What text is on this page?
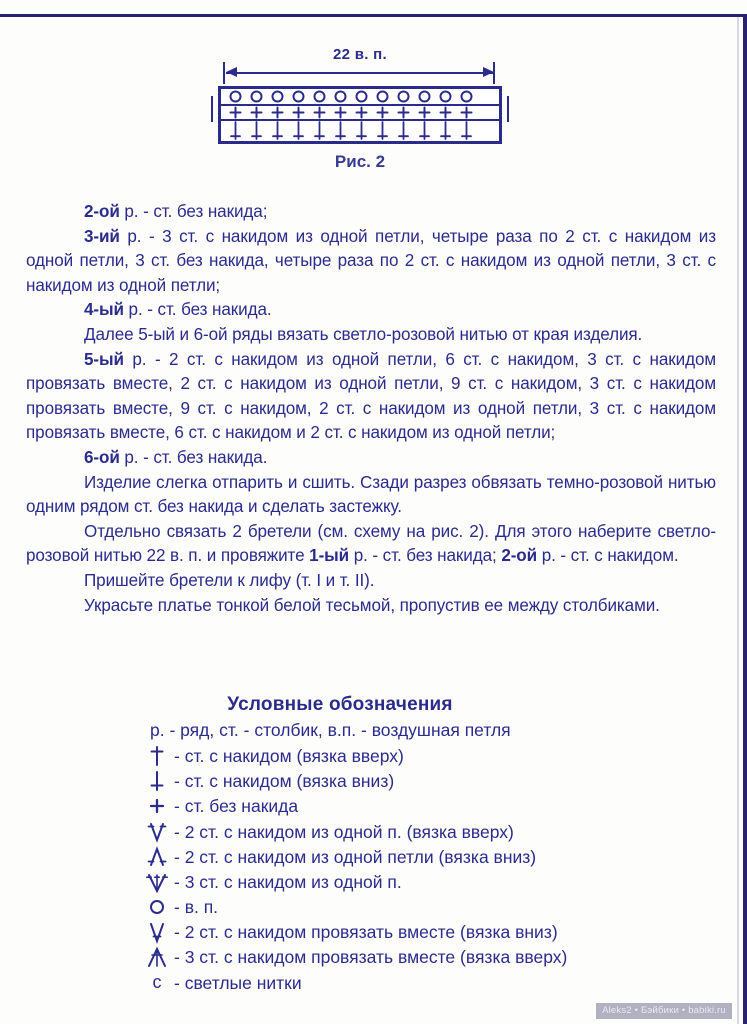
22 в. п.
Рис. 2

2-ой р. - ст. без накида;

3-ий р. - 3 ст. с накидом из одной петли, четыре раза по 2 ст. с накидом из одной петли, 3 ст. без накида, четыре раза по 2 ст. с накидом из одной петли, 3 ст. с накидом из одной петли;

4-ый р. - ст. без накида.

Далее 5-ый и 6-ой ряды вязать светло-розовой нитью от края изделия.

5-ый р. - 2 ст. с накидом из одной петли, 6 ст. с накидом, 3 ст. с накидом провязать вместе, 2 ст. с накидом из одной петли, 9 ст. с накидом, 3 ст. с накидом провязать вместе, 9 ст. с накидом, 2 ст. с накидом из одной петли, 3 ст. с накидом провязать вместе, 6 ст. с накидом и 2 ст. с накидом из одной петли;

6-ой р. - ст. без накида.

Изделие слегка отпарить и сшить. Сзади разрез обвязать темно-розовой нитью одним рядом ст. без накида и сделать застежку.

Отдельно связать 2 бретели (см. схему на рис. 2). Для этого наберите светло-розовой нитью 22 в. п. и провяжите 1-ый р. - ст. без накида; 2-ой р. - ст. с накидом.

Пришейте бретели к лифу (т. I и т. II).

Украсьте платье тонкой белой тесьмой, пропустив ее между столбиками.

Условные обозначения
р. - ряд, ст. - столбик, в.п. - воздушная петля
- ст. с накидом (вязка вверх)
- ст. с накидом (вязка вниз)
- ст. без накида
- 2 ст. с накидом из одной п. (вязка вверх)
- 2 ст. с накидом из одной петли (вязка вниз)
- 3 ст. с накидом из одной п.
- в. п.
- 2 ст. с накидом провязать вместе (вязка вниз)
- 3 ст. с накидом провязать вместе (вязка вверх)
с - светлые нитки
Aleks2 • Бэйбики • babiki.ru
